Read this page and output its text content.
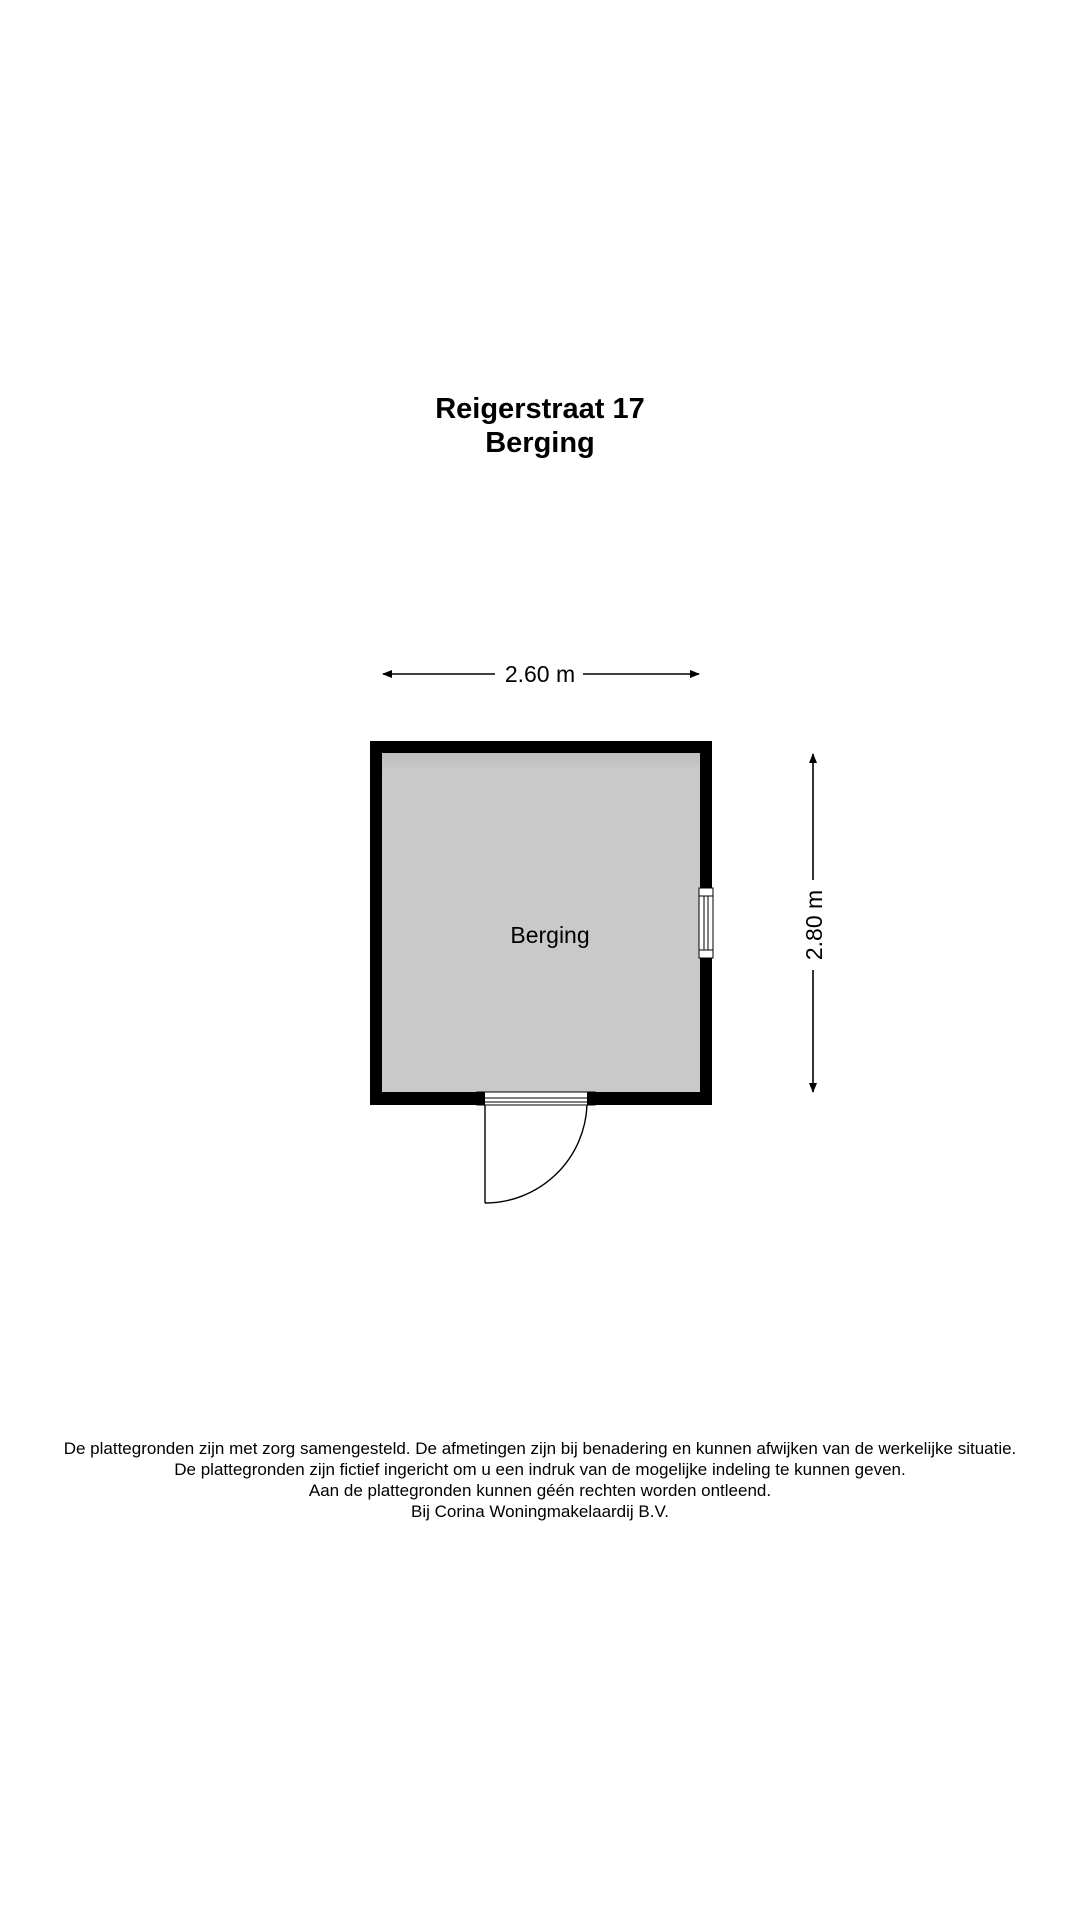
Reigerstraat 17
Berging
2.60 m
2.80 m
Berging
De plattegronden zijn met zorg samengesteld. De afmetingen zijn bij benadering en kunnen afwijken van de werkelijke situatie.
De plattegronden zijn fictief ingericht om u een indruk van de mogelijke indeling te kunnen geven.
Aan de plattegronden kunnen géén rechten worden ontleend.
Bij Corina Woningmakelaardij B.V.
